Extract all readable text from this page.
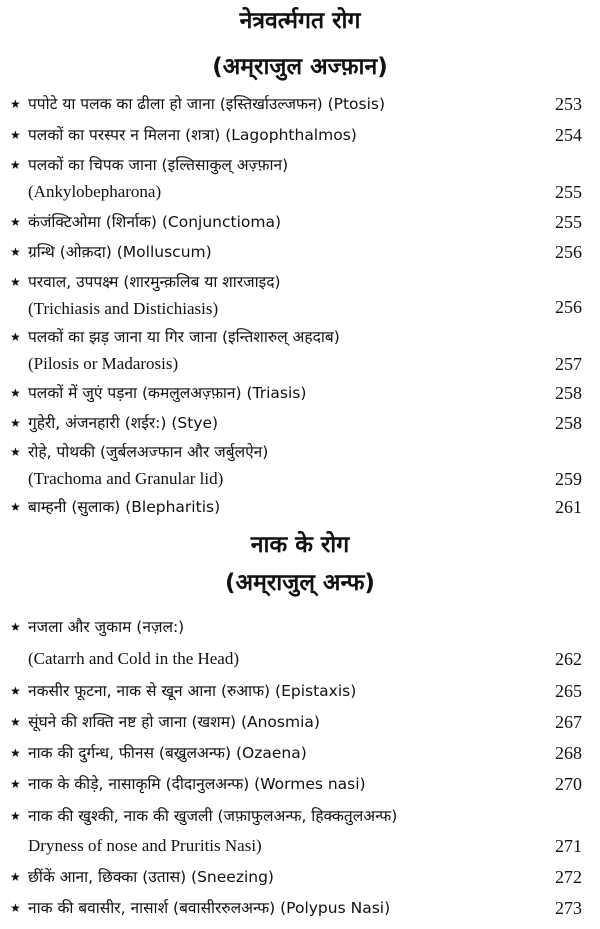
नेत्रवर्त्मगत रोग
(अम्‌राजुल अज्फ़ान)
★ पपोटे या पलक का ढीला हो जाना (इस्तिर्खाउल्जफन) (Ptosis)	253
★ पलकों का परस्पर न मिलना (शत्रा) (Lagophthalmos)	254
★ पलकों का चिपक जाना (इल्तिसाकुल् अज़्फ़ान)
(Ankylobepharona)	255
★ कंजंक्टिओमा (शिर्नाक) (Conjunctioma)	255
★ ग्रन्थि (ओक़दा) (Molluscum)	256
★ परवाल, उपपक्ष्म (शारमुन्क़लिब या शारजाइद)
(Trichiasis and Distichiasis)	256
★ पलकों का झड़ जाना या गिर जाना (इन्तिशारुल् अहदाब)
(Pilosis or Madarosis)	257
★ पलकों में जुएं पड़ना (कमलुलअज़्फ़ान) (Triasis)	258
★ गुहेरी, अंजनहारी (शईर:) (Stye)	258
★ रोहे, पोथकी (जुर्बलअज्फान और जर्बुलऐन)
(Trachoma and Granular lid)	259
★ बाम्हनी (सुलाक) (Blepharitis)	261
नाक के रोग
(अम्‌राजुल् अन्फ)
★ नजला और जुकाम (नज़ल:)
(Catarrh and Cold in the Head)	262
★ नकसीर फूटना, नाक से खून आना (रुआफ) (Epistaxis)	265
★ सूंघने की शक्ति नष्ट हो जाना (खशम) (Anosmia)	267
★ नाक की दुर्गन्ध, फीनस (बख्रुलअन्फ) (Ozaena)	268
★ नाक के कीड़े, नासाकृमि (दीदानुलअन्फ) (Wormes nasi)	270
★ नाक की खुश्की, नाक की खुजली (जफ़ाफुलअन्फ, हिक्कतुलअन्फ)
Dryness of nose and Pruritis Nasi)	271
★ छींकें आना, छिक्का (उतास) (Sneezing)	272
★ नाक की बवासीर, नासार्श (बवासीररुलअन्फ) (Polypus Nasi)	273
